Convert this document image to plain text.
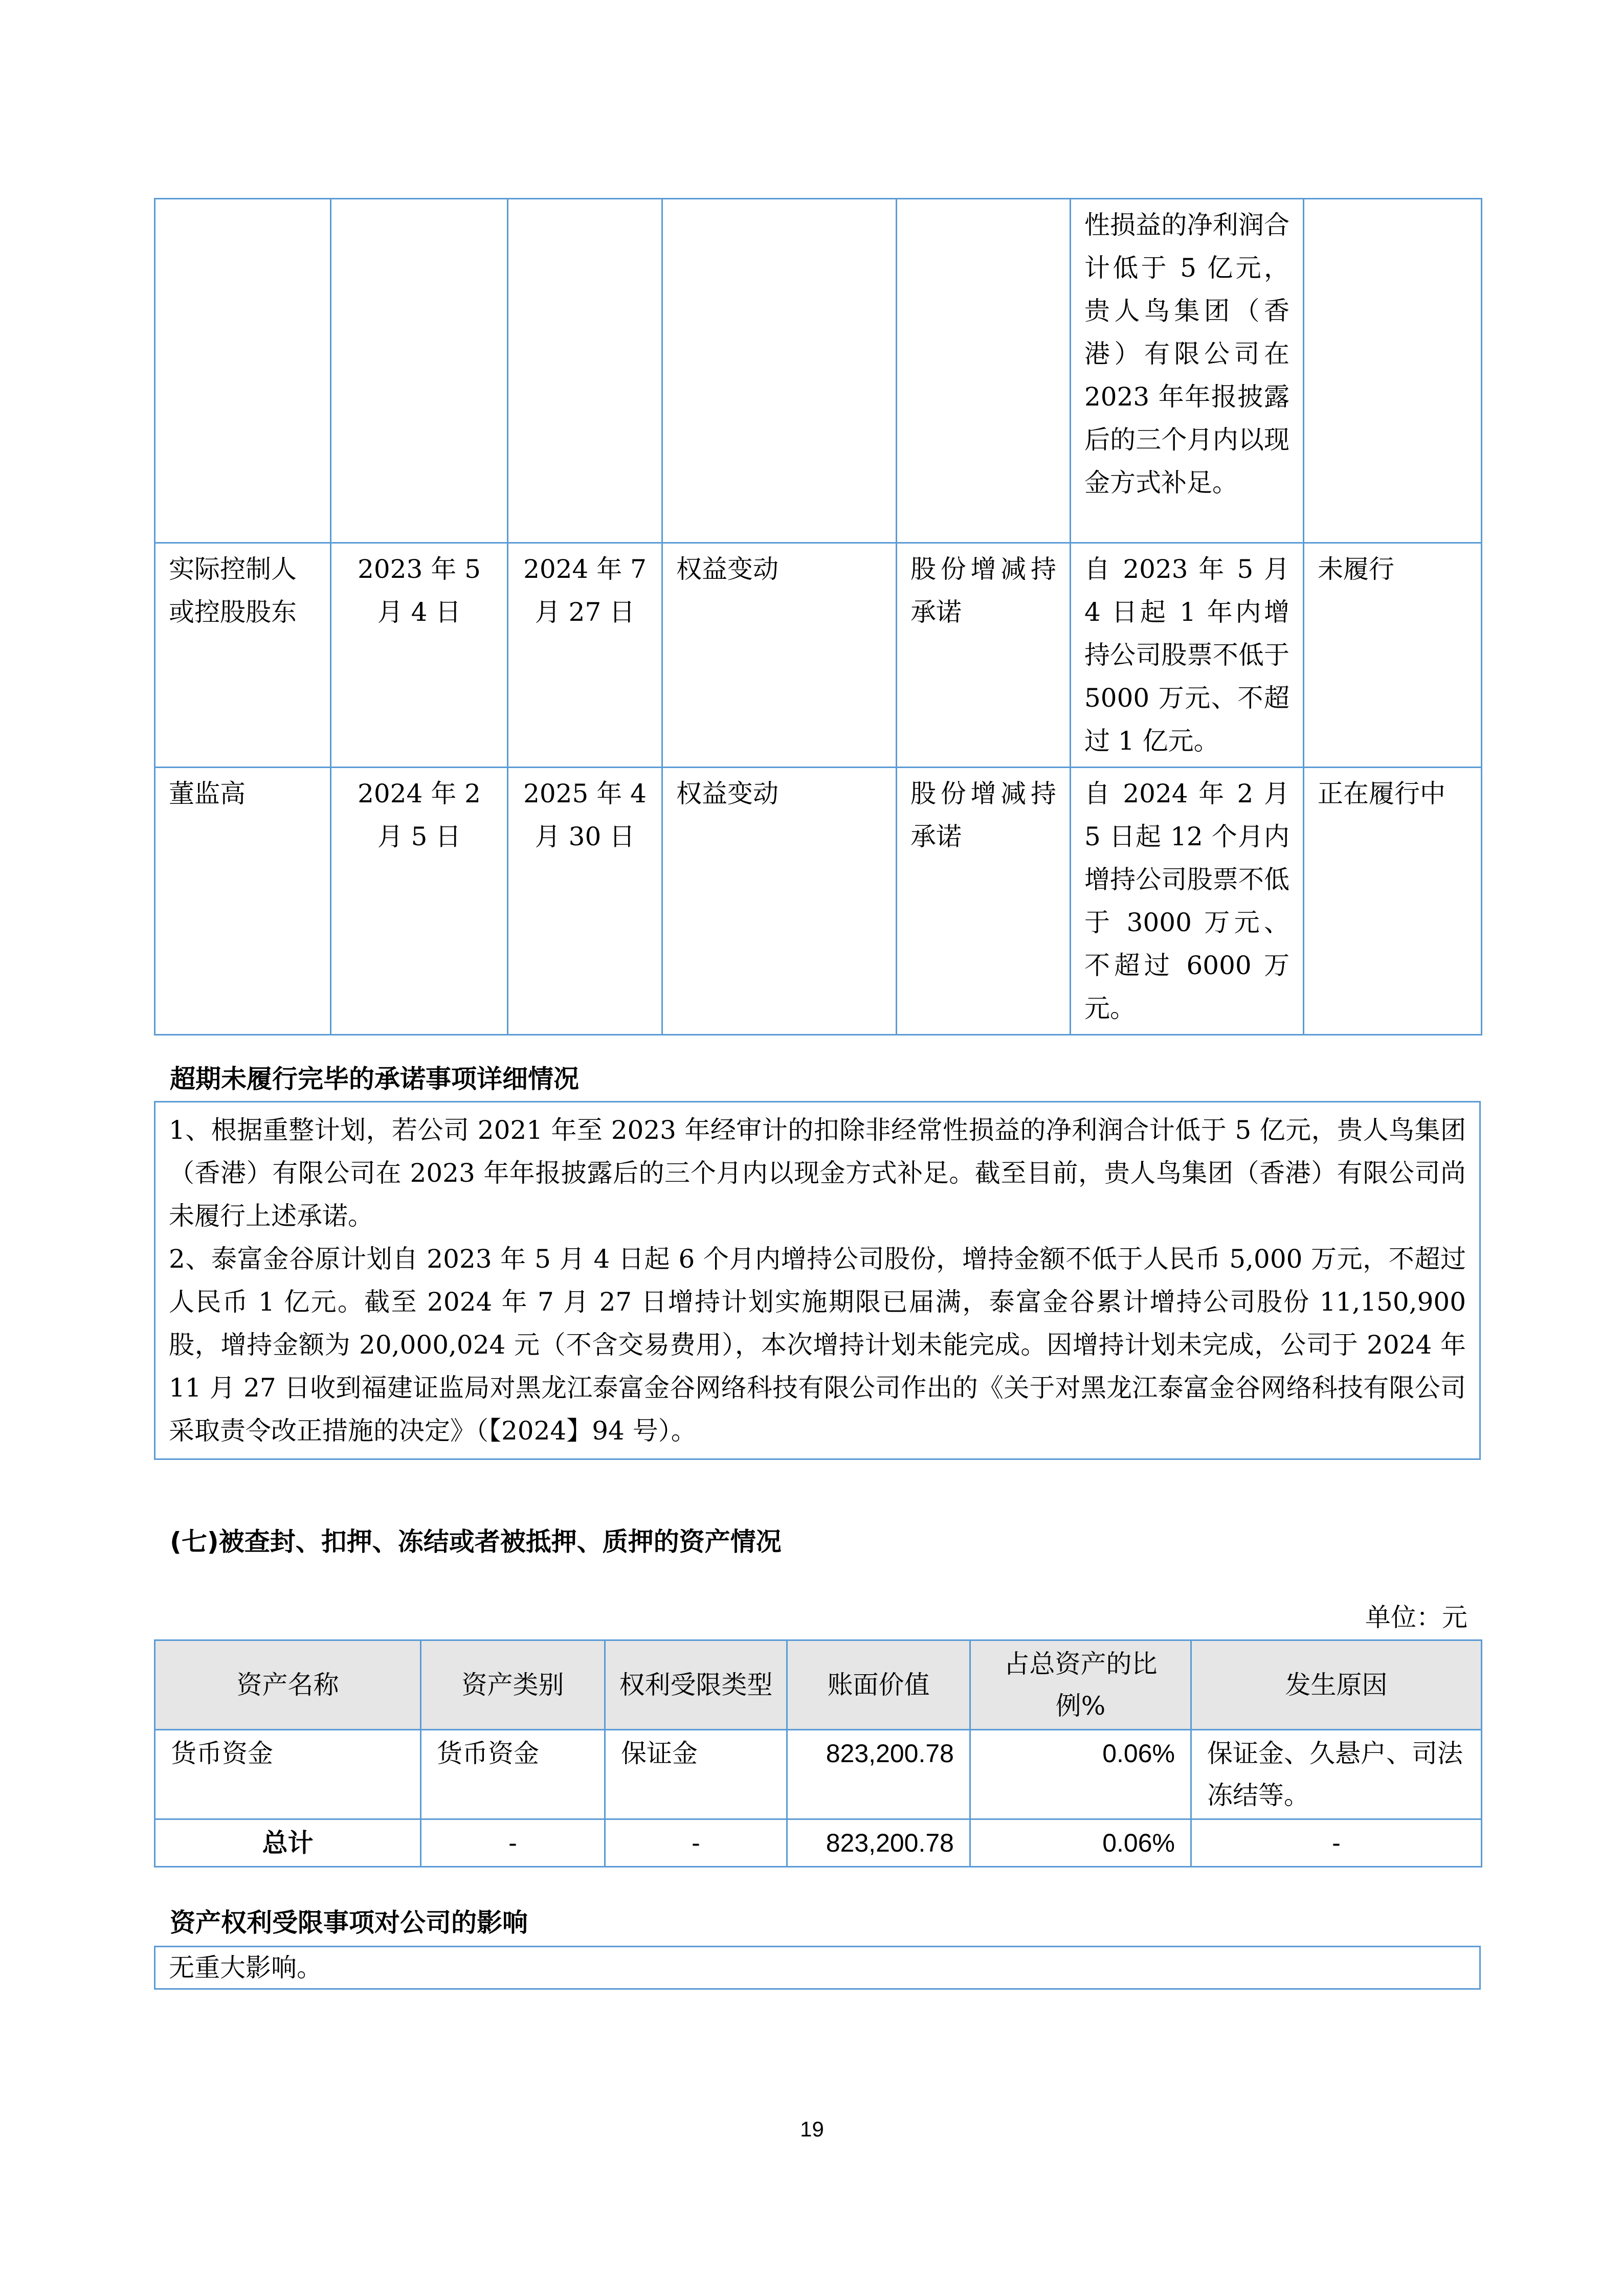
					性损益的净利润合计低于 5 亿元，贵人鸟集团（香港）有限公司在 2023 年年报披露后的三个月内以现金方式补足。	
实际控制人或控股股东	2023 年 5 月 4 日	2024 年 7 月 27 日	权益变动	股份增减持承诺	自 2023 年 5 月 4 日起 1 年内增持公司股票不低于 5000 万元、不超过 1 亿元。	未履行
董监高	2024 年 2 月 5 日	2025 年 4 月 30 日	权益变动	股份增减持承诺	自 2024 年 2 月 5 日起 12 个月内增持公司股票不低于 3000 万元、不超过 6000 万元。	正在履行中
超期未履行完毕的承诺事项详细情况

1、根据重整计划，若公司 2021 年至 2023 年经审计的扣除非经常性损益的净利润合计低于 5 亿元，贵人鸟集团（香港）有限公司在 2023 年年报披露后的三个月内以现金方式补足。截至目前，贵人鸟集团（香港）有限公司尚未履行上述承诺。

2、泰富金谷原计划自 2023 年 5 月 4 日起 6 个月内增持公司股份，增持金额不低于人民币 5,000 万元，不超过人民币 1 亿元。截至 2024 年 7 月 27 日增持计划实施期限已届满，泰富金谷累计增持公司股份 11,150,900 股，增持金额为 20,000,024 元（不含交易费用），本次增持计划未能完成。因增持计划未完成，公司于 2024 年 11 月 27 日收到福建证监局对黑龙江泰富金谷网络科技有限公司作出的《关于对黑龙江泰富金谷网络科技有限公司采取责令改正措施的决定》（【2024】94 号）。

(七)被查封、扣押、冻结或者被抵押、质押的资产情况
单位：元
资产名称	资产类别	权利受限类型	账面价值	占总资产的比例%	发生原因
货币资金	货币资金	保证金	823,200.78	0.06%	保证金、久悬户、司法冻结等。
总计	-	-	823,200.78	0.06%	-
资产权利受限事项对公司的影响
无重大影响。
19
